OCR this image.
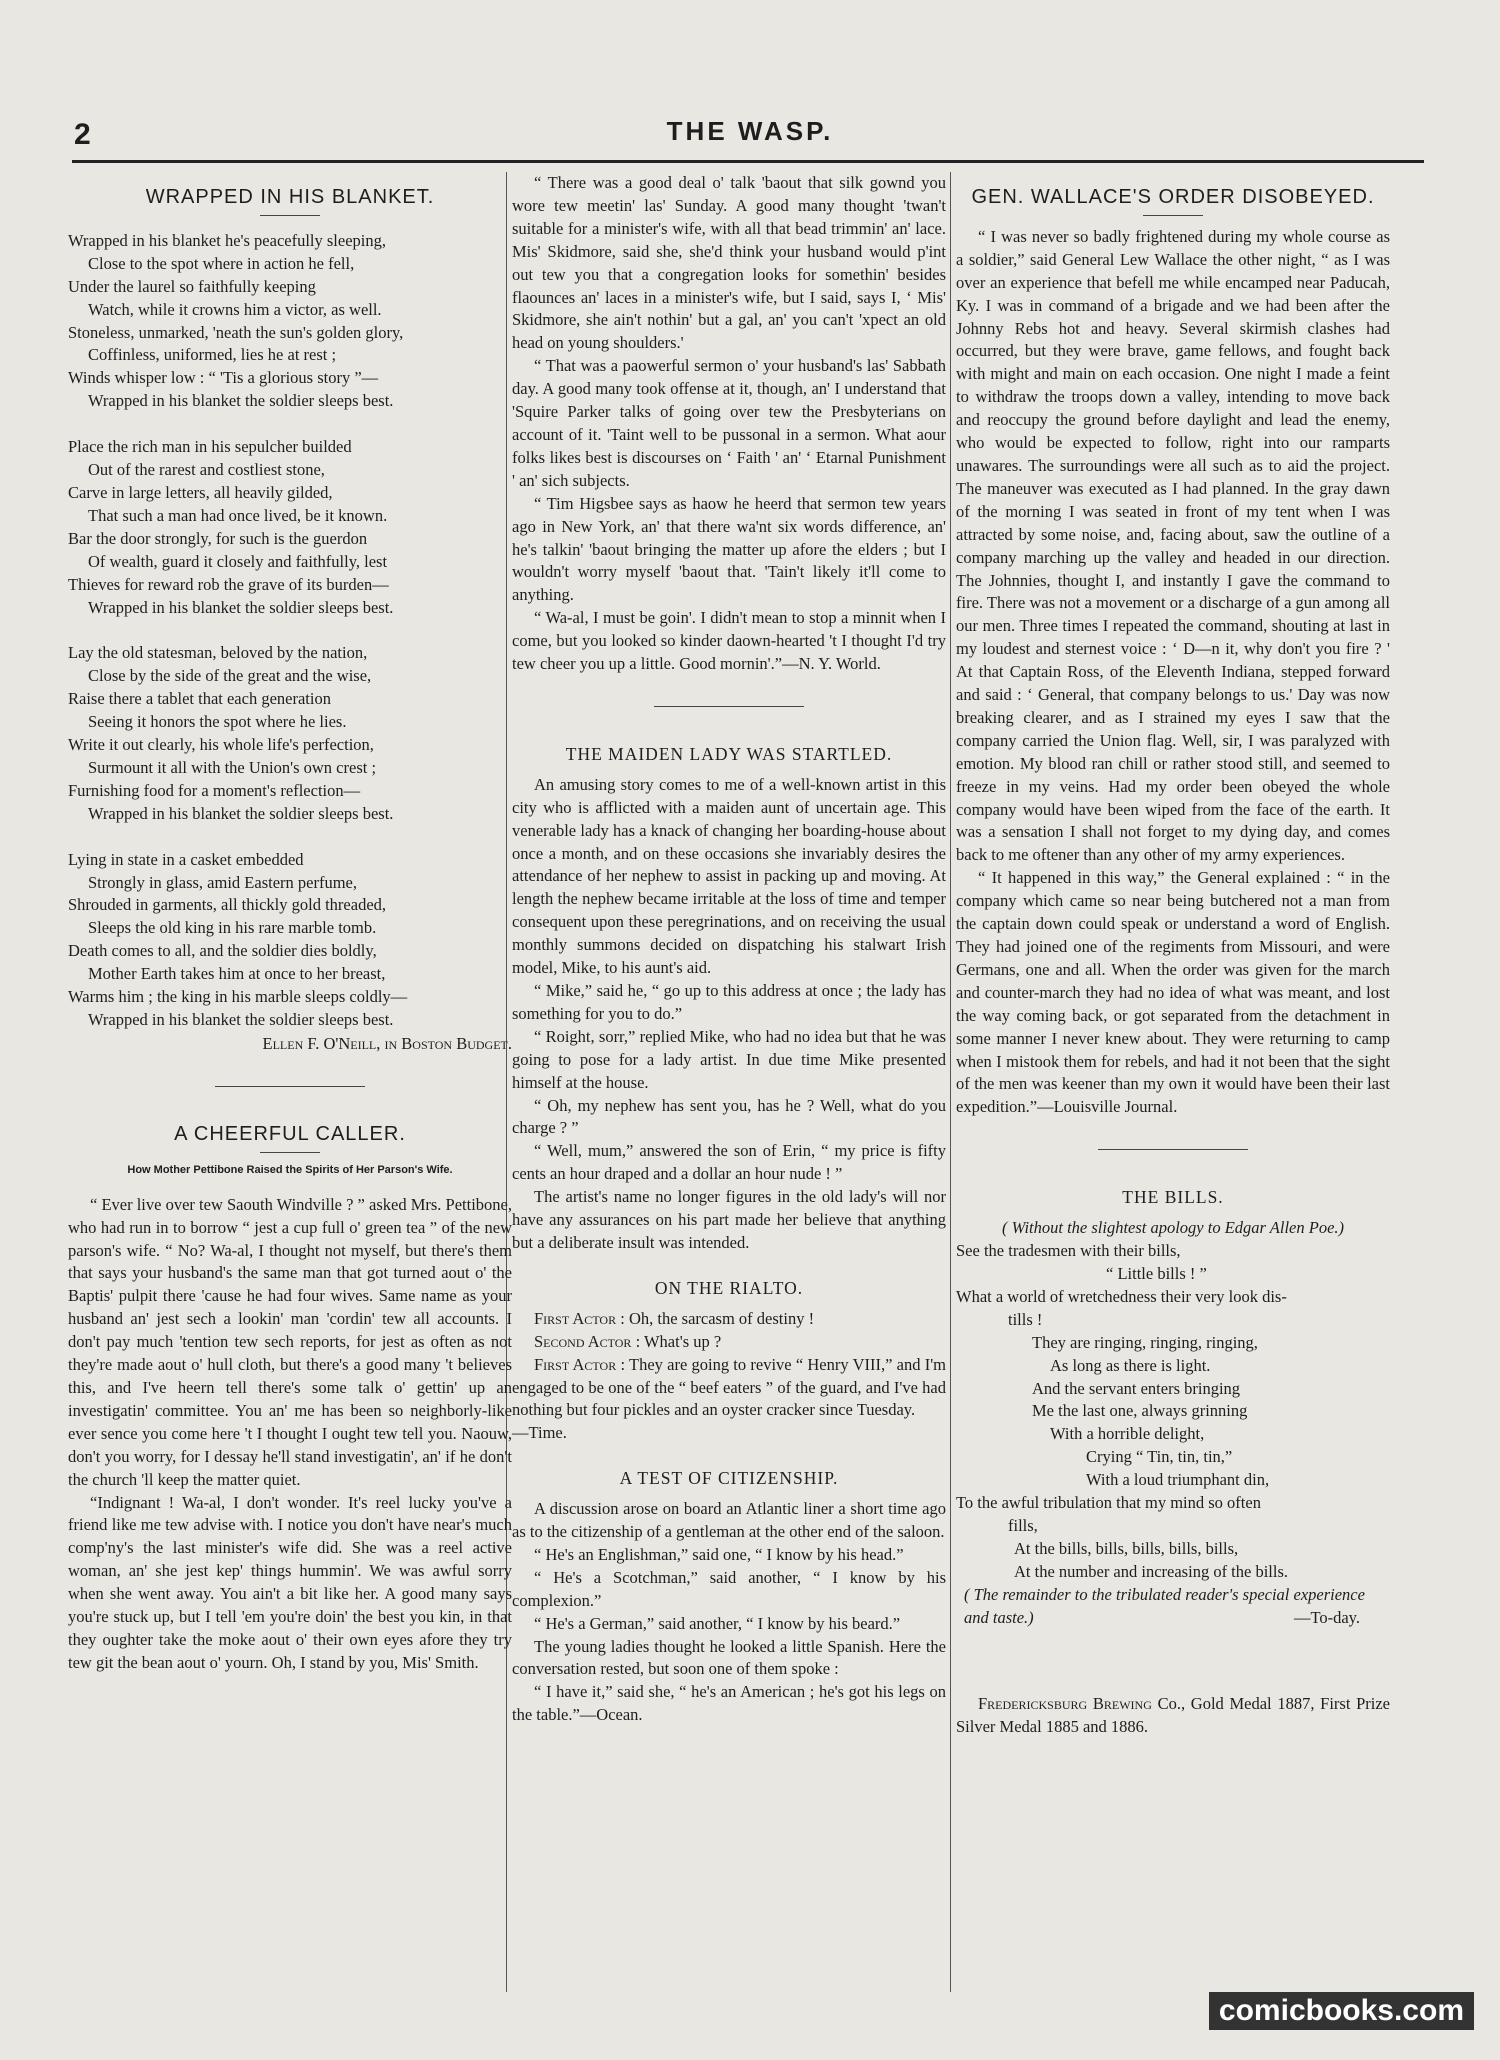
2	THE WASP.
WRAPPED IN HIS BLANKET.
Wrapped in his blanket he's peacefully sleeping,
Close to the spot where in action he fell,
Under the laurel so faithfully keeping
Watch, while it crowns him a victor, as well.
Stoneless, unmarked, 'neath the sun's golden glory,
Coffinless, uniformed, lies he at rest ;
Winds whisper low : “ 'Tis a glorious story ”—
Wrapped in his blanket the soldier sleeps best.
Place the rich man in his sepulcher builded
Out of the rarest and costliest stone,
Carve in large letters, all heavily gilded,
That such a man had once lived, be it known.
Bar the door strongly, for such is the guerdon
Of wealth, guard it closely and faithfully, lest
Thieves for reward rob the grave of its burden—
Wrapped in his blanket the soldier sleeps best.
Lay the old statesman, beloved by the nation,
Close by the side of the great and the wise,
Raise there a tablet that each generation
Seeing it honors the spot where he lies.
Write it out clearly, his whole life's perfection,
Surmount it all with the Union's own crest ;
Furnishing food for a moment's reflection—
Wrapped in his blanket the soldier sleeps best.
Lying in state in a casket embedded
Strongly in glass, amid Eastern perfume,
Shrouded in garments, all thickly gold threaded,
Sleeps the old king in his rare marble tomb.
Death comes to all, and the soldier dies boldly,
Mother Earth takes him at once to her breast,
Warms him ; the king in his marble sleeps coldly—
Wrapped in his blanket the soldier sleeps best.
Ellen F. O'Neill, in Boston Budget.
A CHEERFUL CALLER.
How Mother Pettibone Raised the Spirits of Her Parson's Wife.

“ Ever live over tew Saouth Windville ? ” asked Mrs. Pettibone, who had run in to borrow “ jest a cup full o' green tea ” of the new parson's wife. “ No? Wa-al, I thought not myself, but there's them that says your husband's the same man that got turned aout o' the Baptis' pulpit there 'cause he had four wives. Same name as your husband an' jest sech a lookin' man 'cordin' tew all accounts. I don't pay much 'tention tew sech reports, for jest as often as not they're made aout o' hull cloth, but there's a good many 't believes this, and I've heern tell there's some talk o' gettin' up an investigatin' committee. You an' me has been so neighborly-like ever sence you come here 't I thought I ought tew tell you. Naouw, don't you worry, for I dessay he'll stand investigatin', an' if he don't the church 'll keep the matter quiet.

“Indignant ! Wa-al, I don't wonder. It's reel lucky you've a friend like me tew advise with. I notice you don't have near's much comp'ny's the last minister's wife did. She was a reel active woman, an' she jest kep' things hummin'. We was awful sorry when she went away. You ain't a bit like her. A good many says you're stuck up, but I tell 'em you're doin' the best you kin, in that they oughter take the moke aout o' their own eyes afore they try tew git the bean aout o' yourn. Oh, I stand by you, Mis' Smith.

“ There was a good deal o' talk 'baout that silk gownd you wore tew meetin' las' Sunday. A good many thought 'twan't suitable for a minister's wife, with all that bead trimmin' an' lace. Mis' Skidmore, said she, she'd think your husband would p'int out tew you that a congregation looks for somethin' besides flaounces an' laces in a minister's wife, but I said, says I, ‘ Mis' Skidmore, she ain't nothin' but a gal, an' you can't 'xpect an old head on young shoulders.'

“ That was a paowerful sermon o' your husband's las' Sabbath day. A good many took offense at it, though, an' I understand that 'Squire Parker talks of going over tew the Presbyterians on account of it. 'Taint well to be pussonal in a sermon. What aour folks likes best is discourses on ‘ Faith ' an' ‘ Etarnal Punishment ' an' sich subjects.

“ Tim Higsbee says as haow he heerd that sermon tew years ago in New York, an' that there wa'nt six words difference, an' he's talkin' 'baout bringing the matter up afore the elders ; but I wouldn't worry myself 'baout that. 'Tain't likely it'll come to anything.

“ Wa-al, I must be goin'. I didn't mean to stop a minnit when I come, but you looked so kinder daown-hearted 't I thought I'd try tew cheer you up a little. Good mornin'.”—N. Y. World.

THE MAIDEN LADY WAS STARTLED.

An amusing story comes to me of a well-known artist in this city who is afflicted with a maiden aunt of uncertain age. This venerable lady has a knack of changing her boarding-house about once a month, and on these occasions she invariably desires the attendance of her nephew to assist in packing up and moving. At length the nephew became irritable at the loss of time and temper consequent upon these peregrinations, and on receiving the usual monthly summons decided on dispatching his stalwart Irish model, Mike, to his aunt's aid.

“ Mike,” said he, “ go up to this address at once ; the lady has something for you to do.”

“ Roight, sorr,” replied Mike, who had no idea but that he was going to pose for a lady artist. In due time Mike presented himself at the house.

“ Oh, my nephew has sent you, has he ? Well, what do you charge ? ”

“ Well, mum,” answered the son of Erin, “ my price is fifty cents an hour draped and a dollar an hour nude ! ”

The artist's name no longer figures in the old lady's will nor have any assurances on his part made her believe that anything but a deliberate insult was intended.

ON THE RIALTO.

First Actor : Oh, the sarcasm of destiny !

Second Actor : What's up ?

First Actor : They are going to revive “ Henry VIII,” and I'm engaged to be one of the “ beef eaters ” of the guard, and I've had nothing but four pickles and an oyster cracker since Tuesday.

—Time.

A TEST OF CITIZENSHIP.

A discussion arose on board an Atlantic liner a short time ago as to the citizenship of a gentleman at the other end of the saloon.

“ He's an Englishman,” said one, “ I know by his head.”

“ He's a Scotchman,” said another, “ I know by his complexion.”

“ He's a German,” said another, “ I know by his beard.”

The young ladies thought he looked a little Spanish. Here the conversation rested, but soon one of them spoke :

“ I have it,” said she, “ he's an American ; he's got his legs on the table.”—Ocean.

GEN. WALLACE'S ORDER DISOBEYED.

“ I was never so badly frightened during my whole course as a soldier,” said General Lew Wallace the other night, “ as I was over an experience that befell me while encamped near Paducah, Ky. I was in command of a brigade and we had been after the Johnny Rebs hot and heavy. Several skirmish clashes had occurred, but they were brave, game fellows, and fought back with might and main on each occasion. One night I made a feint to withdraw the troops down a valley, intending to move back and reoccupy the ground before daylight and lead the enemy, who would be expected to follow, right into our ramparts unawares. The surroundings were all such as to aid the project. The maneuver was executed as I had planned. In the gray dawn of the morning I was seated in front of my tent when I was attracted by some noise, and, facing about, saw the outline of a company marching up the valley and headed in our direction. The Johnnies, thought I, and instantly I gave the command to fire. There was not a movement or a discharge of a gun among all our men. Three times I repeated the command, shouting at last in my loudest and sternest voice : ‘ D—n it, why don't you fire ? ' At that Captain Ross, of the Eleventh Indiana, stepped forward and said : ‘ General, that company belongs to us.' Day was now breaking clearer, and as I strained my eyes I saw that the company carried the Union flag. Well, sir, I was paralyzed with emotion. My blood ran chill or rather stood still, and seemed to freeze in my veins. Had my order been obeyed the whole company would have been wiped from the face of the earth. It was a sensation I shall not forget to my dying day, and comes back to me oftener than any other of my army experiences.

“ It happened in this way,” the General explained : “ in the company which came so near being butchered not a man from the captain down could speak or understand a word of English. They had joined one of the regiments from Missouri, and were Germans, one and all. When the order was given for the march and counter-march they had no idea of what was meant, and lost the way coming back, or got separated from the detachment in some manner I never knew about. They were returning to camp when I mistook them for rebels, and had it not been that the sight of the men was keener than my own it would have been their last expedition.”—Louisville Journal.

THE BILLS.

( Without the slightest apology to Edgar Allen Poe.)

See the tradesmen with their bills,
“ Little bills ! ”
What a world of wretchedness their very look dis-
tills !
They are ringing, ringing, ringing,
As long as there is light.
And the servant enters bringing
Me the last one, always grinning
With a horrible delight,
Crying “ Tin, tin, tin,”
With a loud triumphant din,
To the awful tribulation that my mind so often
fills,
At the bills, bills, bills, bills, bills,
At the number and increasing of the bills.

( The remainder to the tribulated reader's special experience and taste.)	—To-day.

Fredericksburg Brewing Co., Gold Medal 1887, First Prize Silver Medal 1885 and 1886.

comicbooks.com
